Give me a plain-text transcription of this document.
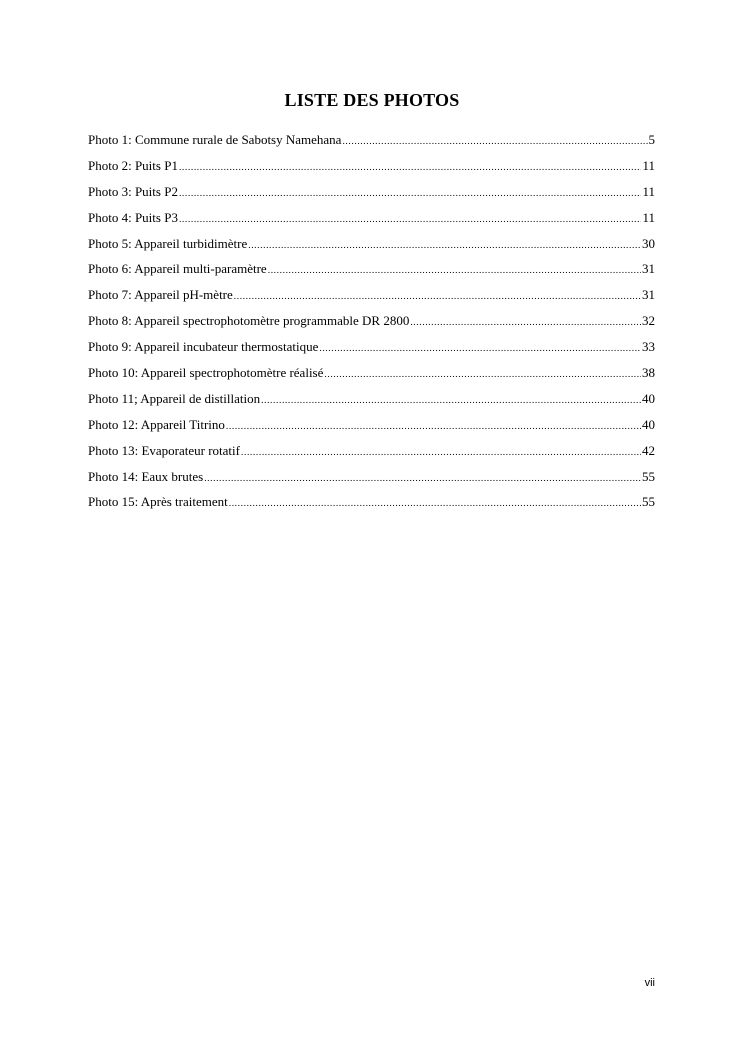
LISTE DES PHOTOS
Photo 1: Commune rurale de Sabotsy Namehana .....	5
Photo 2: Puits P1 .....	11
Photo 3: Puits P2 .....	11
Photo 4: Puits P3 .....	11
Photo 5: Appareil turbidimètre .....	30
Photo 6: Appareil multi-paramètre .....	31
Photo 7: Appareil pH-mètre .....	31
Photo 8: Appareil spectrophotomètre programmable DR 2800 .....	32
Photo 9: Appareil incubateur thermostatique .....	33
Photo 10: Appareil spectrophotomètre réalisé .....	38
Photo 11; Appareil de distillation .....	40
Photo 12: Appareil Titrino .....	40
Photo 13: Evaporateur rotatif .....	42
Photo 14: Eaux brutes .....	55
Photo 15: Après traitement .....	55
vii
